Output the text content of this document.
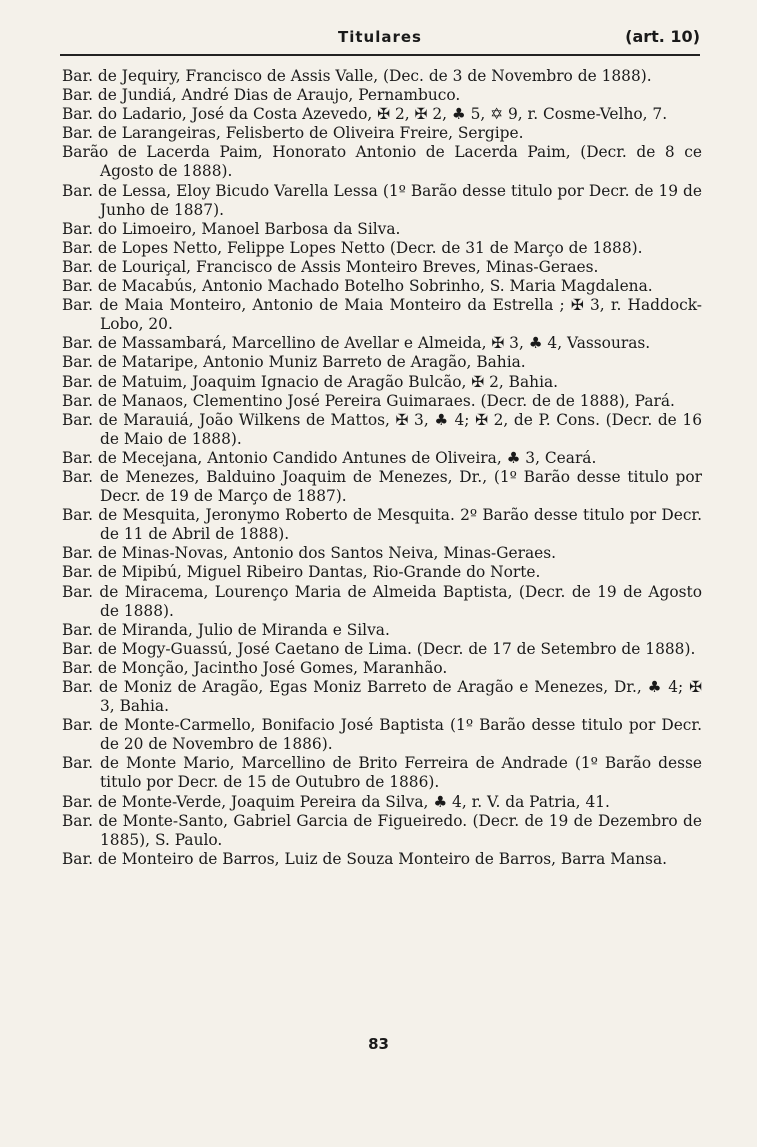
Titulares	(art. 10)

Bar. de Jequiry, Francisco de Assis Valle, (Dec. de 3 de Novembro de 1888).

Bar. de Jundiá, André Dias de Araujo, Pernambuco.

Bar. do Ladario, José da Costa Azevedo, ✠ 2, ✠ 2, ♣ 5, ✡ 9, r. Cosme-Velho, 7.

Bar. de Larangeiras, Felisberto de Oliveira Freire, Sergipe.

Barão de Lacerda Paim, Honorato Antonio de Lacerda Paim, (Decr. de 8 ce Agosto de 1888).

Bar. de Lessa, Eloy Bicudo Varella Lessa (1º Barão desse titulo por Decr. de 19 de Junho de 1887).

Bar. do Limoeiro, Manoel Barbosa da Silva.

Bar. de Lopes Netto, Felippe Lopes Netto (Decr. de 31 de Março de 1888).

Bar. de Louriçal, Francisco de Assis Monteiro Breves, Minas-Geraes.

Bar. de Macabús, Antonio Machado Botelho Sobrinho, S. Maria Magdalena.

Bar. de Maia Monteiro, Antonio de Maia Monteiro da Estrella ; ✠ 3, r. Haddock-Lobo, 20.

Bar. de Massambará, Marcellino de Avellar e Almeida, ✠ 3, ♣ 4, Vassouras.

Bar. de Mataripe, Antonio Muniz Barreto de Aragão, Bahia.

Bar. de Matuim, Joaquim Ignacio de Aragão Bulcão, ✠ 2, Bahia.

Bar. de Manaos, Clementino José Pereira Guimaraes. (Decr. de de 1888), Pará.

Bar. de Marauiá, João Wilkens de Mattos, ✠ 3, ♣ 4; ✠ 2, de P. Cons. (Decr. de 16 de Maio de 1888).

Bar. de Mecejana, Antonio Candido Antunes de Oliveira, ♣ 3, Ceará.

Bar. de Menezes, Balduino Joaquim de Menezes, Dr., (1º Barão desse titulo por Decr. de 19 de Março de 1887).

Bar. de Mesquita, Jeronymo Roberto de Mesquita. 2º Barão desse titulo por Decr. de 11 de Abril de 1888).

Bar. de Minas-Novas, Antonio dos Santos Neiva, Minas-Geraes.

Bar. de Mipibú, Miguel Ribeiro Dantas, Rio-Grande do Norte.

Bar. de Miracema, Lourenço Maria de Almeida Baptista, (Decr. de 19 de Agosto de 1888).

Bar. de Miranda, Julio de Miranda e Silva.

Bar. de Mogy-Guassú, José Caetano de Lima. (Decr. de 17 de Setembro de 1888).

Bar. de Monção, Jacintho José Gomes, Maranhão.

Bar. de Moniz de Aragão, Egas Moniz Barreto de Aragão e Menezes, Dr., ♣ 4; ✠ 3, Bahia.

Bar. de Monte-Carmello, Bonifacio José Baptista (1º Barão desse titulo por Decr. de 20 de Novembro de 1886).

Bar. de Monte Mario, Marcellino de Brito Ferreira de Andrade (1º Barão desse titulo por Decr. de 15 de Outubro de 1886).

Bar. de Monte-Verde, Joaquim Pereira da Silva, ♣ 4, r. V. da Patria, 41.

Bar. de Monte-Santo, Gabriel Garcia de Figueiredo. (Decr. de 19 de Dezembro de 1885), S. Paulo.

Bar. de Monteiro de Barros, Luiz de Souza Monteiro de Barros, Barra Mansa.

83
